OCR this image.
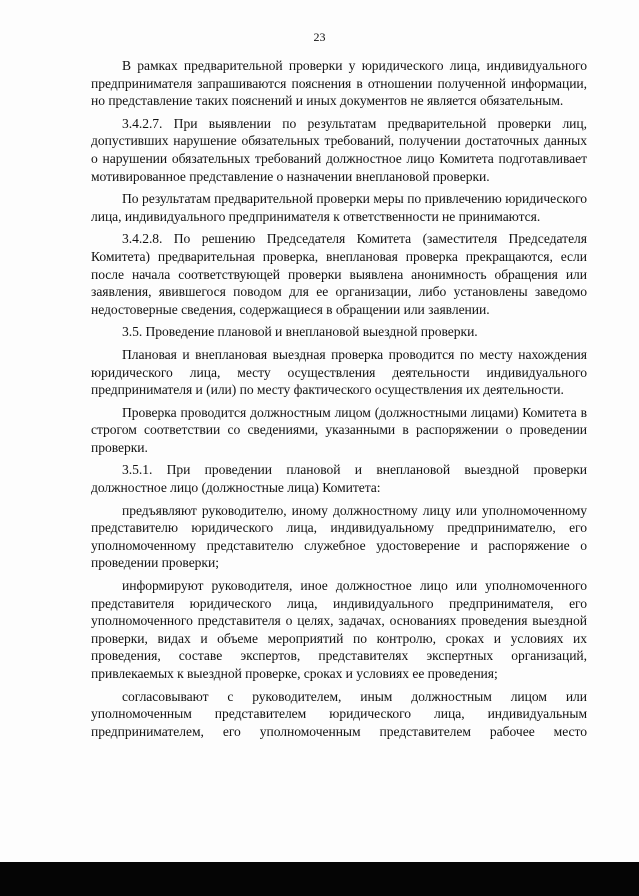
23

В рамках предварительной проверки у юридического лица, индивидуального предпринимателя запрашиваются пояснения в отношении полученной информации, но представление таких пояснений и иных документов не является обязательным.

3.4.2.7. При выявлении по результатам предварительной проверки лиц, допустивших нарушение обязательных требований, получении достаточных данных о нарушении обязательных требований должностное лицо Комитета подготавливает мотивированное представление о назначении внеплановой проверки.

По результатам предварительной проверки меры по привлечению юридического лица, индивидуального предпринимателя к ответственности не принимаются.

3.4.2.8. По решению Председателя Комитета (заместителя Председателя Комитета) предварительная проверка, внеплановая проверка прекращаются, если после начала соответствующей проверки выявлена анонимность обращения или заявления, явившегося поводом для ее организации, либо установлены заведомо недостоверные сведения, содержащиеся в обращении или заявлении.

3.5. Проведение плановой и внеплановой выездной проверки.

Плановая и внеплановая выездная проверка проводится по месту нахождения юридического лица, месту осуществления деятельности индивидуального предпринимателя и (или) по месту фактического осуществления их деятельности.

Проверка проводится должностным лицом (должностными лицами) Комитета в строгом соответствии со сведениями, указанными в распоряжении о проведении проверки.

3.5.1. При проведении плановой и внеплановой выездной проверки должностное лицо (должностные лица) Комитета:

предъявляют руководителю, иному должностному лицу или уполномоченному представителю юридического лица, индивидуальному предпринимателю, его уполномоченному представителю служебное удостоверение и распоряжение о проведении проверки;

информируют руководителя, иное должностное лицо или уполномоченного представителя юридического лица, индивидуального предпринимателя, его уполномоченного представителя о целях, задачах, основаниях проведения выездной проверки, видах и объеме мероприятий по контролю, сроках и условиях их проведения, составе экспертов, представителях экспертных организаций, привлекаемых к выездной проверке, сроках и условиях ее проведения;

согласовывают с руководителем, иным должностным лицом или уполномоченным представителем юридического лица, индивидуальным предпринимателем, его уполномоченным представителем рабочее место
